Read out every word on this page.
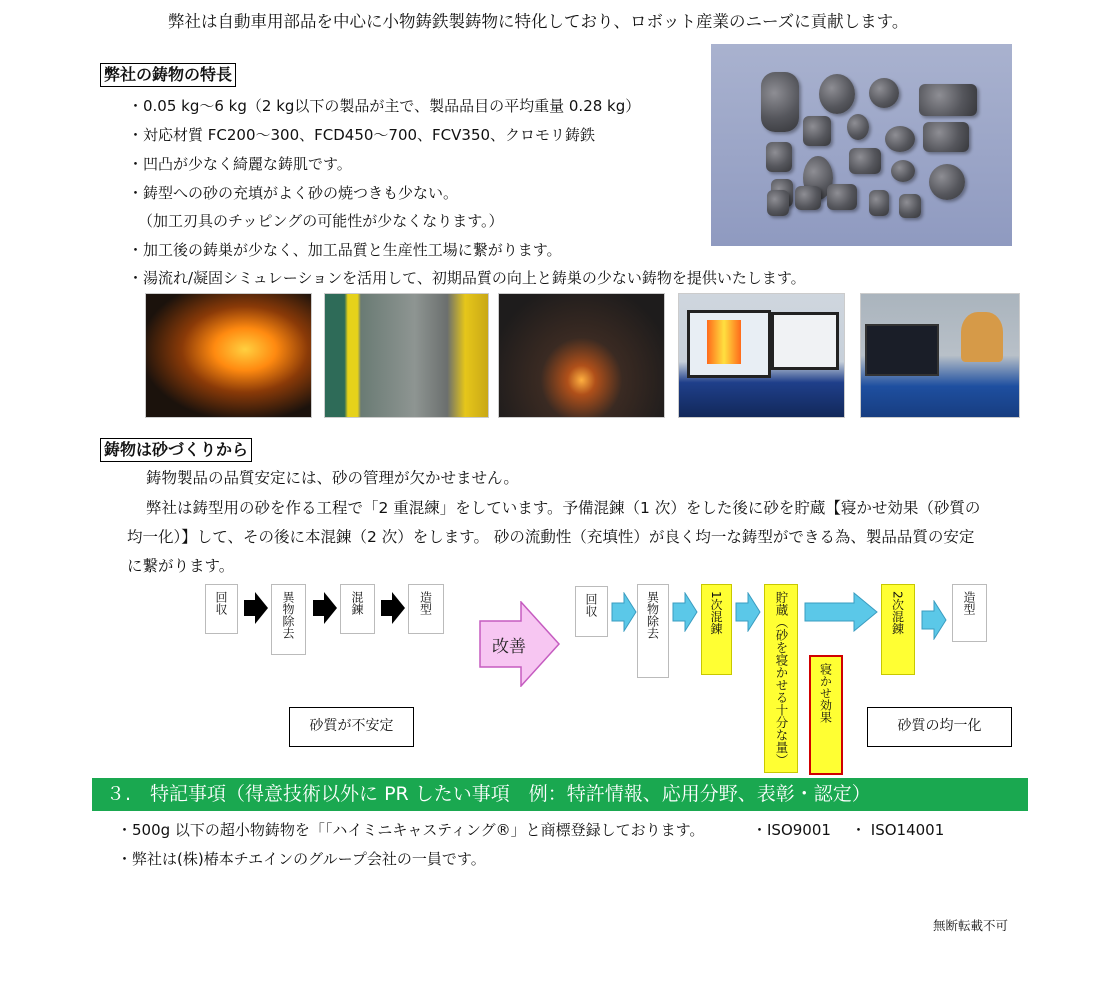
弊社は自動車用部品を中心に小物鋳鉄製鋳物に特化しており、ロボット産業のニーズに貢献します。
弊社の鋳物の特長
・0.05 kg～6 kg（2 kg以下の製品が主で、製品品目の平均重量 0.28 kg）
・対応材質 FC200～300、FCD450～700、FCV350、クロモリ鋳鉄
・凹凸が少なく綺麗な鋳肌です。
・鋳型への砂の充填がよく砂の焼つきも少ない。
（加工刃具のチッピングの可能性が少なくなります。）
・加工後の鋳巣が少なく、加工品質と生産性工場に繋がります。
・湯流れ/凝固シミュレーションを活用して、初期品質の向上と鋳巣の少ない鋳物を提供いたします。
鋳物は砂づくりから
鋳物製品の品質安定には、砂の管理が欠かせません。
弊社は鋳型用の砂を作る工程で「2 重混練」をしています。予備混錬（1 次）をした後に砂を貯蔵【寝かせ効果（砂質の
均一化）】して、その後に本混錬（2 次）をします。 砂の流動性（充填性）が良く均一な鋳型ができる為、製品品質の安定
に繋がります。
回収	異物除去	混錬	造型
砂質が不安定
改善
回収	異物除去	1次混錬	貯蔵（砂を寝かせる十分な量）	寝かせ効果
2次混錬	造型
砂質の均一化
３.　特記事項（得意技術以外に PR したい事項　例：特許情報、応用分野、表彰・認定）
・500g 以下の超小物鋳物を「「ハイミニキャスティング®」と商標登録しております。	・ISO9001 ・ ISO14001
・弊社は(株)椿本チエインのグループ会社の一員です。
無断転載不可
